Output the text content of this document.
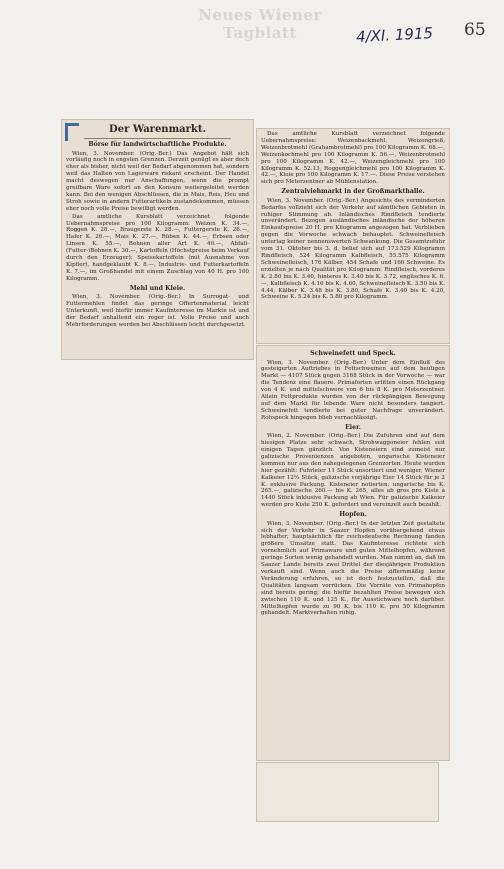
Neues Wiener Tagblatt	4/XI. 1915 65
Der Warenmarkt.
Börse für landwirtschaftliche Produkte.

Wien, 3. November. (Orig.-Ber.) Das Angebot hält sich vorläufig noch in engsten Grenzen. Derzeit genügt es aber doch eher als bisher, nicht weil der Bedarf abgenommen hat, sondern weil das Halten von Lagerware riskant erscheint. Der Handel macht deswegen nur Anschaffungen, wenn die prompt greifbare Ware sofort an den Konsum weitergeleitet werden kann. Bei den wenigen Abschlüssen, die in Mais, Reis, Heu und Stroh sowie in andern Futterartikeln zustandekommen, müssen eher noch volle Preise bewilligt werden.

Das amtliche Kursblatt verzeichnet folgende Uebernahmspreise pro 100 Kilogramm: Weizen K. 34.—, Roggen K. 28.—, Braugerste K. 28.—, Futtergerste K. 26.—, Hafer K. 26.—, Mais K. 27.—, Rüben K. 44.—, Erbsen oder Linsen K. 55.—, Bohnen aller Art K. 40.—, Abfall-(Futter-)Bohnen K. 30.—, Kartoffeln (Höchstpreise beim Verkauf durch den Erzeuger): Speisekartoffeln (mit Ausnahme von Kipfler), handgeklaubt K. 8.—, Industrie- und Futterkartoffeln K. 7.—, im Großhandel mit einem Zuschlag von 40 H. pro 100 Kilogramm.

Mehl und Kleie.

Wien, 3. November. (Orig.-Ber.) In Surrogat- und Futtermehlen findet das geringe Offertenmaterial leicht Unterkunft, weil hiefür immer Kaufinteresse im Markte ist und der Bedarf anhaltend ein reger ist. Volle Preise und auch Mehrforderungen werden bei Abschlüssen leicht durchgesetzt.

Das amtliche Kursblatt verzeichnet folgende Uebernahmspreise: Weizenbackmehl, Weizengrieß, Weizenbrotmehl (Grahambrotmehl) pro 100 Kilogramm K. 68.—, Weizenkochmehl pro 100 Kilogramm K. 56.—, Weizenbrotmehl pro 100 Kilogramm K. 42.—, Weizengleichmehl pro 100 Kilogramm K. 52.13, Roggengleichmehl pro 100 Kilogramm K. 42.—, Kleie pro 100 Kilogramm K. 17.—. Diese Preise verstehen sich pro Meterzentner ab Mühlenstation.

Zentralviehmarkt in der Großmarkthalle.

Wien, 3. November. (Orig.-Ber.) Angesichts des verminderten Bedarfes vollzieht sich der Verkehr auf sämtlichen Gebieten in ruhiger Stimmung ab. Inländisches Rindfleisch tendierte unverändert. Bezogen ausländisches inländische der höheren Einkaufspreise 20 H. pro Kilogramm angezogen hat. Verblieben gegen die Vorwoche schwach behauptet. Schweinefleisch unterlag keiner nennenswerten Schwankung. Die Gesamtzufuhr vom 31. Oktober bis 3. d. belief sich auf 173.529 Kilogramm Rindfleisch, 524 Kilogramm Kalbfleisch, 55.575 Kilogramm Schweinefleisch, 176 Kälber, 454 Schafe und 166 Schweine. Es erzielten je nach Qualität pro Kilogramm: Rindfleisch, vorderes K. 2.80 bis K. 3.40, hinteres K. 3.40 bis K. 3.72, englisches K. 6.—, Kalbfleisch K. 4.16 bis K. 4.60, Schweinefleisch K. 3.50 bis K. 4.44, Kälber K. 3.48 bis K. 3.80, Schafe K. 3.40 bis K. 4.20, Schweine K. 5.24 bis K. 5.80 pro Kilogramm.

Schweinefett und Speck.

Wien, 3. November. (Orig.-Ber.) Unter dem Einfluß des gesteigerten Auftriebes in Fettschweinen auf dem heutigen Markt — 4107 Stück gegen 3168 Stück in der Vorwoche — war die Tendenz eine flauere. Primaforten erlitten einen Rückgang von 4 K. und mittelschwere von 6 bis 8 K. pro Meterzentner. Allein Fettprodukte wurden von der rückgängigen Bewegung auf dem Markt für lebende Ware nicht besonders tangiert. Schweinefett tendierte bei guter Nachfrage unverändert. Rohspeck hingegen blieb vernachlässigt.

Eier.

Wien, 2. November. (Orig.-Ber.) Die Zufuhren sind auf dem hiesigen Platze sehr schwach, Strohwaggoneier fehlen seit einigen Tagen gänzlich. Von Kisteneiern sind zumeist nur galizische Provenienzen angeboten, ungarische Kisteneier kommen nur aus den nahegelegenen Grenzorten. Heute wurden hier gezählt: Fuhrleier 11 Stück unsortiert und weniger, Wiener Kalkeier 12½ Stück, galizische vorjährige Eier 14 Stück für je 2 K. exklusive Packung. Kisteneier notierten: ungarische bis K. 265.—, galizische 260.— bis K. 265, alles ab gros pro Kiste à 1440 Stück inklusive Packung ab Wien. Für galizische Kalkeier werden pro Kiste 250 K. gefordert und vereinzelt auch bezahlt.

Hopfen.

Wien, 3. November. (Orig.-Ber.) In der letzten Zeit gestaltete sich der Verkehr in Saazer Hopfen vorübergehend etwas lebhafter; hauptsächlich für reichsdeutsche Rechnung fanden größere Umsätze statt. Das Kaufinteresse richtete sich vornehmlich auf Primaware und guten Mittelhopfen, während geringe Sorten wenig gehandelt wurden. Man nimmt an, daß im Saazer Lande bereits zwei Drittel der diesjährigen Produktion verkauft sind. Wenn auch die Preise ziffernmäßig keine Veränderung erfuhren, so ist doch festzustellen, daß die Qualitäten langsam vorrücken. Die Vorräte von Primahopfen sind bereits gering; die hiefür bezahlten Preise bewegen sich zwischen 110 K. und 125 K., für Ausstichware noch darüber. Mittelhopfen wurde zu 90 K. bis 110 K. pro 50 Kilogramm gehandelt. Marktverhalten ruhig.
